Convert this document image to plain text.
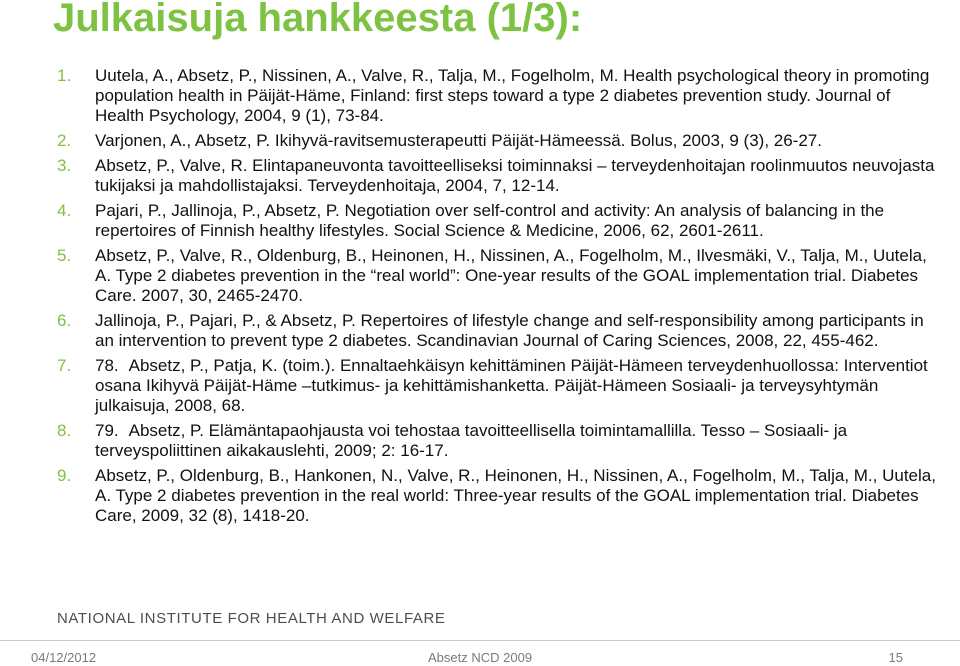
Julkaisuja hankkeesta (1/3):
1.	Uutela, A., Absetz, P., Nissinen, A., Valve, R., Talja, M., Fogelholm, M. Health psychological theory in promoting population health in Päijät-Häme, Finland: first steps toward a type 2 diabetes prevention study. Journal of Health Psychology, 2004, 9 (1), 73-84.
2.	Varjonen, A., Absetz, P. Ikihyvä-ravitsemusterapeutti Päijät-Hämeessä. Bolus, 2003, 9 (3), 26-27.
3.	Absetz, P., Valve, R. Elintapaneuvonta tavoitteelliseksi toiminnaksi – terveydenhoitajan roolinmuutos neuvojasta tukijaksi ja mahdollistajaksi. Terveydenhoitaja, 2004, 7, 12-14.
4.	Pajari, P., Jallinoja, P., Absetz, P. Negotiation over self-control and activity: An analysis of balancing in the repertoires of Finnish healthy lifestyles. Social Science & Medicine, 2006, 62, 2601-2611.
5.	Absetz, P., Valve, R., Oldenburg, B., Heinonen, H., Nissinen, A., Fogelholm, M., Ilvesmäki, V., Talja, M., Uutela, A. Type 2 diabetes prevention in the “real world”: One-year results of the GOAL implementation trial. Diabetes Care. 2007, 30, 2465-2470.
6.	Jallinoja, P., Pajari, P., & Absetz, P. Repertoires of lifestyle change and self-responsibility among participants in an intervention to prevent type 2 diabetes. Scandinavian Journal of Caring Sciences, 2008, 22, 455-462.
7.	78. Absetz, P., Patja, K. (toim.). Ennaltaehkäisyn kehittäminen Päijät-Hämeen terveydenhuollossa: Interventiot osana Ikihyvä Päijät-Häme –tutkimus- ja kehittämishanketta. Päijät-Hämeen Sosiaali- ja terveysyhtymän julkaisuja, 2008, 68.
8.	79. Absetz, P. Elämäntapaohjausta voi tehostaa tavoitteellisella toimintamallilla. Tesso – Sosiaali- ja terveyspoliittinen aikakauslehti, 2009; 2: 16-17.
9.	Absetz, P., Oldenburg, B., Hankonen, N., Valve, R., Heinonen, H., Nissinen, A., Fogelholm, M., Talja, M., Uutela, A. Type 2 diabetes prevention in the real world: Three-year results of the GOAL implementation trial. Diabetes Care, 2009, 32 (8), 1418-20.
NATIONAL INSTITUTE FOR HEALTH AND WELFARE
04/12/2012	Absetz NCD 2009	15
